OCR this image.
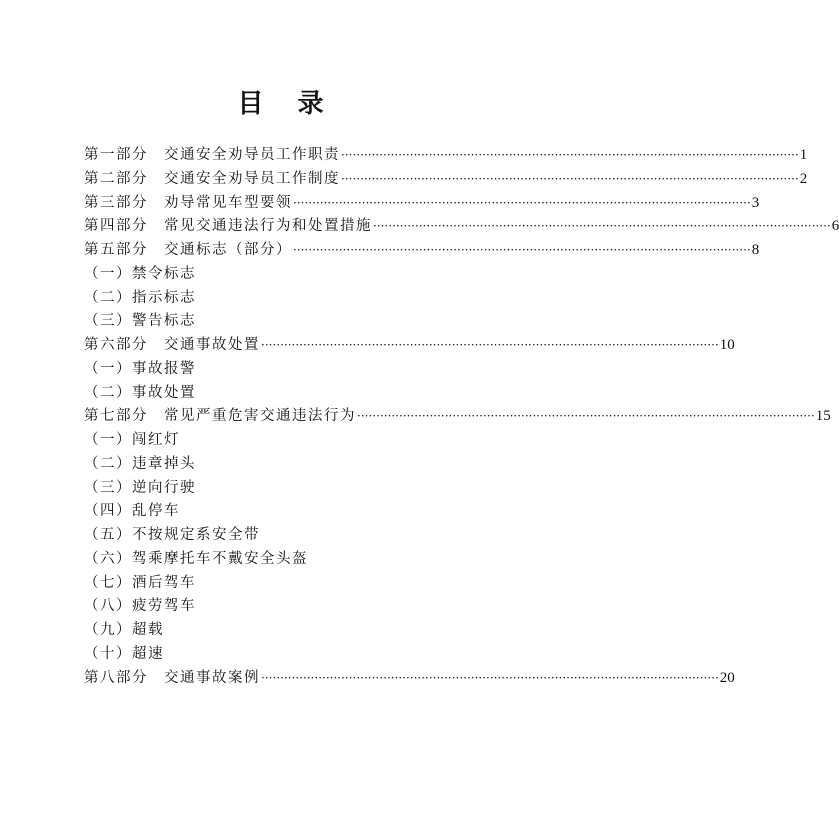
目录
第一部分　交通安全劝导员工作职责 ························································································································ 1
第二部分　交通安全劝导员工作制度 ························································································································ 2
第三部分　劝导常见车型要领 ························································································································ 3
第四部分　常见交通违法行为和处置措施 ························································································································ 6
第五部分　交通标志（部分） ························································································································ 8
（一）禁令标志
（二）指示标志
（三）警告标志
第六部分　交通事故处置 ························································································································ 10
（一）事故报警
（二）事故处置
第七部分　常见严重危害交通违法行为 ························································································································ 15
（一）闯红灯
（二）违章掉头
（三）逆向行驶
（四）乱停车
（五）不按规定系安全带
（六）驾乘摩托车不戴安全头盔
（七）酒后驾车
（八）疲劳驾车
（九）超载
（十）超速
第八部分　交通事故案例 ························································································································ 20
